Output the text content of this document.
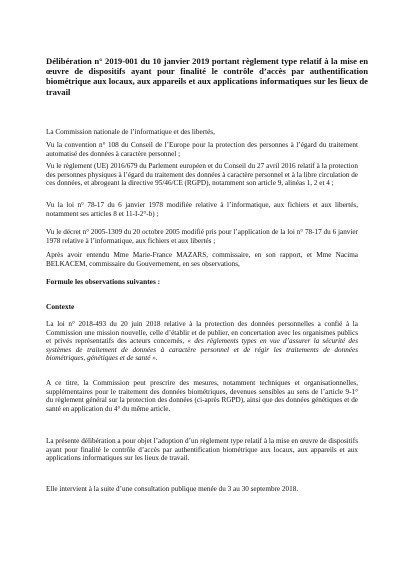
Délibération n° 2019-001 du 10 janvier 2019 portant règlement type relatif à la mise en œuvre de dispositifs ayant pour finalité le contrôle d’accès par authentification biométrique aux locaux, aux appareils et aux applications informatiques sur les lieux de travail

La Commission nationale de l’informatique et des libertés,

Vu la convention n° 108 du Conseil de l’Europe pour la protection des personnes à l’égard du traitement automatisé des données à caractère personnel ;

Vu le règlement (UE) 2016/679 du Parlement européen et du Conseil du 27 avril 2016 relatif à la protection des personnes physiques à l’égard du traitement des données à caractère personnel et à la libre circulation de ces données, et abrogeant la directive 95/46/CE (RGPD), notamment son article 9, alinéas 1, 2 et 4 ;

Vu la loi n° 78-17 du 6 janvier 1978 modifiée relative à l’informatique, aux fichiers et aux libertés, notamment ses articles 8 et 11-I-2°-b) ;

Vu le décret n° 2005-1309 du 20 octobre 2005 modifié pris pour l’application de la loi n° 78-17 du 6 janvier 1978 relative à l’informatique, aux fichiers et aux libertés ;

Après avoir entendu Mme Marie-France MAZARS, commissaire, en son rapport, et Mme Nacima BELKACEM, commissaire du Gouvernement, en ses observations,

Formule les observations suivantes :

Contexte

La loi n° 2018-493 du 20 juin 2018 relative à la protection des données personnelles a confié à la Commission une mission nouvelle, celle d’établir et de publier, en concertation avec les organismes publics et privés représentatifs des acteurs concernés, « des règlements types en vue d’assurer la sécurité des systèmes de traitement de données à caractère personnel et de régir les traitements de données biométriques, génétiques et de santé ».

A ce titre, la Commission peut prescrire des mesures, notamment techniques et organisationnelles, supplémentaires pour le traitement des données biométriques, devenues sensibles au sens de l’article 9-1° du règlement général sur la protection des données (ci-après RGPD), ainsi que des données génétiques et de santé en application du 4° du même article.

La présente délibération a pour objet l’adoption d’un règlement type relatif à la mise en œuvre de dispositifs ayant pour finalité le contrôle d’accès par authentification biométrique aux locaux, aux appareils et aux applications informatiques sur les lieux de travail.

Elle intervient à la suite d’une consultation publique menée du 3 au 30 septembre 2018.
